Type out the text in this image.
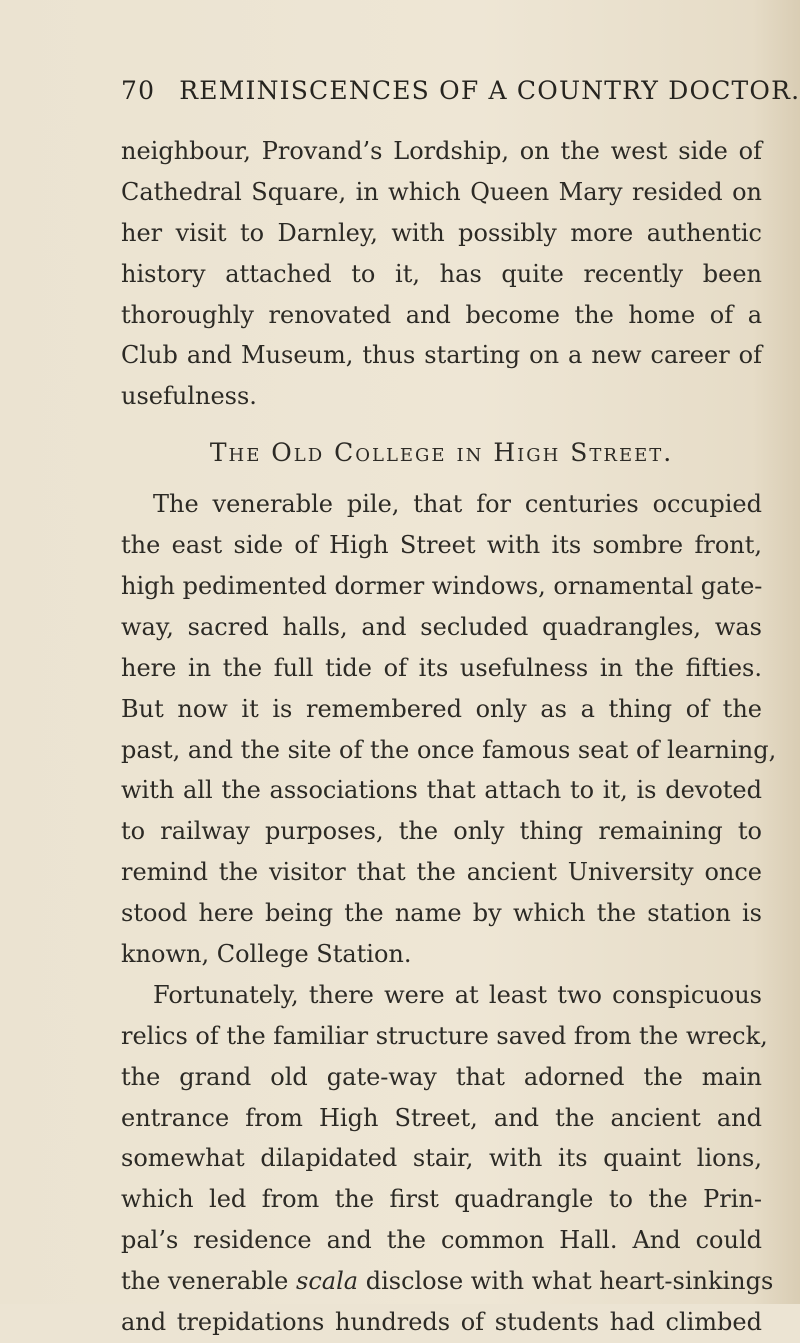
70 REMINISCENCES OF A COUNTRY DOCTOR.
neighbour, Provand’s Lordship, on the west side of
Cathedral Square, in which Queen Mary resided on
her visit to Darnley, with possibly more authentic
history attached to it, has quite recently been
thoroughly renovated and become the home of a
Club and Museum, thus starting on a new career of
usefulness.
The Old College in High Street.
The venerable pile, that for centuries occupied
the east side of High Street with its sombre front,
high pedimented dormer windows, ornamental gate-
way, sacred halls, and secluded quadrangles, was
here in the full tide of its usefulness in the fifties.
But now it is remembered only as a thing of the
past, and the site of the once famous seat of learning,
with all the associations that attach to it, is devoted
to railway purposes, the only thing remaining to
remind the visitor that the ancient University once
stood here being the name by which the station is
known, College Station.
Fortunately, there were at least two conspicuous
relics of the familiar structure saved from the wreck,
the grand old gate-way that adorned the main
entrance from High Street, and the ancient and
somewhat dilapidated stair, with its quaint lions,
which led from the first quadrangle to the Prin-
pal’s residence and the common Hall. And could
the venerable scala disclose with what heart-sinkings
and trepidations hundreds of students had climbed
